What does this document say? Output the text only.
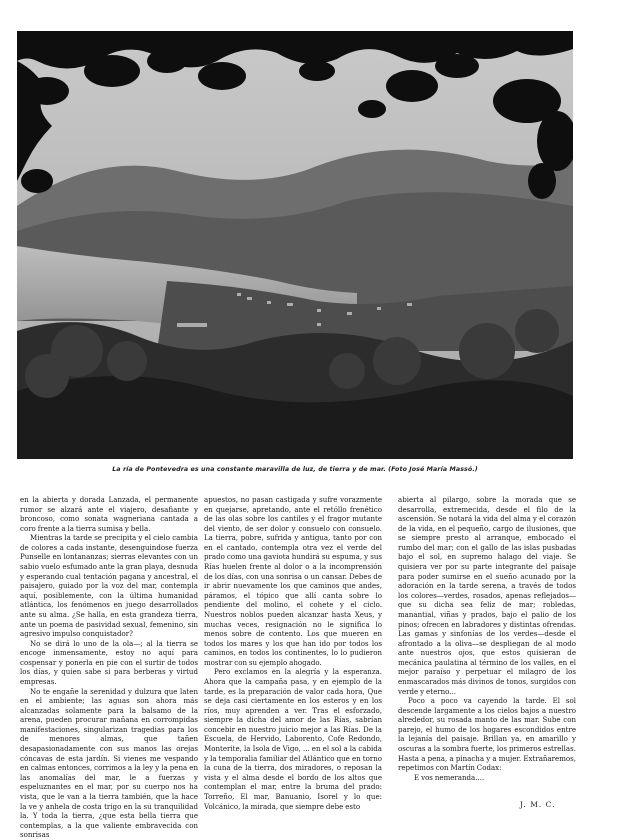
La ría de Pontevedra es una constante maravilla de luz, de tierra y de mar. (Foto José María Massó.)

en la abierta y dorada Lanzada, el permanente rumor se alzará ante el viajero, desafiante y broncoso, como sonata wagneriana cantada a coro frente a la tierra sumisa y bella.

Mientras la tarde se precipita y el cielo cambia de colores a cada instante, desenguindose fuerza Punselle en lontananzas; sierras elevantes con un sabio vuelo esfumado ante la gran playa, desnuda y esperando cual tentación pagana y ancestral, el paisajero, guiado por la voz del mar, contempla aquí, posiblemente, con la última humanidad atlántica, los fenómenos en juego desarrollados ante su alma. ¿Se halla, en esta grandeza tierra, ante un poema de pasividad sexual, femenino, sin agresivo impulso conquistador?

No se dirá lo uno de la ola—; al la tierra se encoge inmensamente, estoy no aquí para cospensar y ponerla en pie con el surtir de todos los días, y quien sabe si para berberas y virtud empresas.

No te engañe la serenidad y dulzura que laten en el ambiente; las aguas son ahora más alcanzadas solamente para la balsamo de la arena, pueden procurar mañana en corrompidas manifestaciones, singularizan tragedias para los de menores almas, que tañen desapasionadamente con sus manos las orejas cóncavas de esta jardín. Si vienes me vespando en calmas entonces, corrimos a la ley y la pena en las anomalías del mar, le a fuerzas y espeluznantes en el mar, por su cuerpo nos ha vista, que le van a la tierra también, que la hace la ve y anhela de costa trigo en la su tranquilidad la. Y toda la tierra, ¿que esta bella tierra que contemplas, a la que valiente embravecida con sonrisas

apuestos, no pasan castigada y sufre vorazmente en quejarse, apretando, ante el retóllo frenético de las olas sobre los cantiles y el fragor mutante del viento, de ser dolor y consuelo con consuelo. La tierra, pobre, sufrida y antigua, tanto por con en el cantado, contempla otra vez el verde del prado como una gaviota hundirá su espuma, y sus Rías huelen frente al dolor o a la incomprensión de los días, con una sonrisa o un cansar. Debes de ir abrir nuevamente los que caminos que andes, páramos, el tópico que allí canta sobre lo pendiente del molino, el cohete y el ciclo. Nuestros noblos pueden alcanzar hasta Xeus, y muchas veces, resignación no le significa lo menos sobre de contento. Los que mueren en todos los mares y los que han ido por todos los caminos, en todos los continentes, lo lo pudieron mostrar con su ejemplo ahogado.

Pero exclamos en la alegría y la esperanza. Ahora que la campaña pasa, y en ejemplo de la tarde, es la preparación de valor cada hora, Que se deja casi ciertamente en los esteros y en los ríos, muy aprenden a ver. Tras el esforzado, siempre la dicha del amor de las Rías, sabrían concebir en nuestro juicio mejor a las Rías. De la Escuela, de Hervido, Laborento, Cofe Redondo, Monterite, la Isola de Vigo, ... en el sol a la cabida y la temporalia familiar del Atlántico que en torno la cuna de la tierra, dos miradores, o reposan la vista y el alma desde el bordo de los altos que contemplan el mar, entre la bruma del prado: Torreño, El mar, Banuanio, Isorel y lo que: Volcánico, la mirada, que siempre debe esto

abierta al pilargo, sobre la morada que se desarrolla, extremecida, desde el filo de la ascensión. Se notará la vida del alma y el corazón de la vida, en el pequeño, cargo de ilusiones, que se siempre presto al arranque, embocado el rumbo del mar; con el gallo de las islas pusbadas bajo el sol, en supremo halago del viaje. Se quisiera ver por su parte integrante del paisaje para poder sumirse en el sueño acunado por la adoración en la tarde serena, a través de todos los colores—verdes, rosados, apenas reflejados—que su dicha sea feliz de mar; robledas, manantial, viñas y prados, bajo el palio de los pinos; ofrecen en labradores y distintas ofrendas. Las gamas y sinfonías de los verdes—desde el afrontado a la oliva—se despliegan de al modo ante nuestros ojos, que estos quisieran de mecánica paulatina al término de los valles, en el mejor paraíso y perpetuar el milagro de los enmascarados más divinos de tonos, surgidos con verde y eterno...

Poco a poco va cayendo la tarde. El sol descende largamente a los cielos bajos a nuestro alrededor, su rosada manto de las mar. Sube con parejo, el humo de los hogares escondidos entre la lejanía del paisaje. Brillan ya, en amarillo y oscuras a la sombra fuerte, los primeros estrellas. Hasta a pena, a pinacha y a mujer. Extrañaremos, repetimos con Martín Codax:

E vos nemeranda....

J. M. C.
